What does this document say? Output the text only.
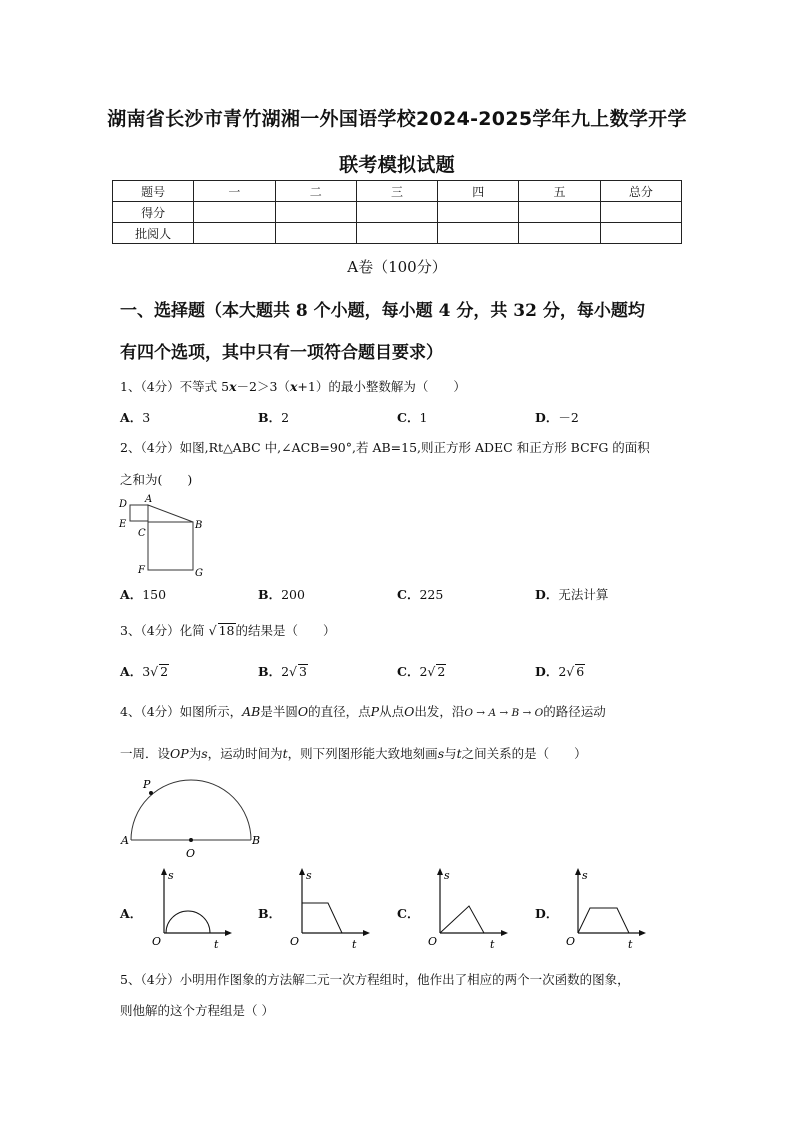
湖南省长沙市青竹湖湘一外国语学校2024-2025学年九上数学开学
联考模拟试题
题号	一	二	三	四	五	总分
得分						
批阅人						
A卷（100分）
一、选择题（本大题共 8 个小题，每小题 4 分，共 32 分，每小题均
有四个选项，其中只有一项符合题目要求）
1、（4分）不等式 5x－2＞3（x+1）的最小整数解为（　　）
A．3	B．2	C．1	D．－2
2、（4分）如图,Rt△ABC 中,∠ACB=90°,若 AB=15,则正方形 ADEC 和正方形 BCFG 的面积
之和为(　　)
D A
E
C
B
F	G
A．150	B．200	C．225	D．无法计算
3、（4分）化简 √ 18的结果是（　　）
A．3√ 2	B．2√ 3	C．2√ 2	D．2√ 6
4、（4分）如图所示，AB是半圆O的直径，点P从点O出发，沿O → A → B → O的路径运动
一周．设OP为s，运动时间为t，则下列图形能大致地刻画s与t之间关系的是（　　）
P
A
O
B
A．	B．	C．	D．
s
O	t
s
O	t
s
O	t
s
O	t
5、（4分）小明用作图象的方法解二元一次方程组时，他作出了相应的两个一次函数的图象，
则他解的这个方程组是（ ）
